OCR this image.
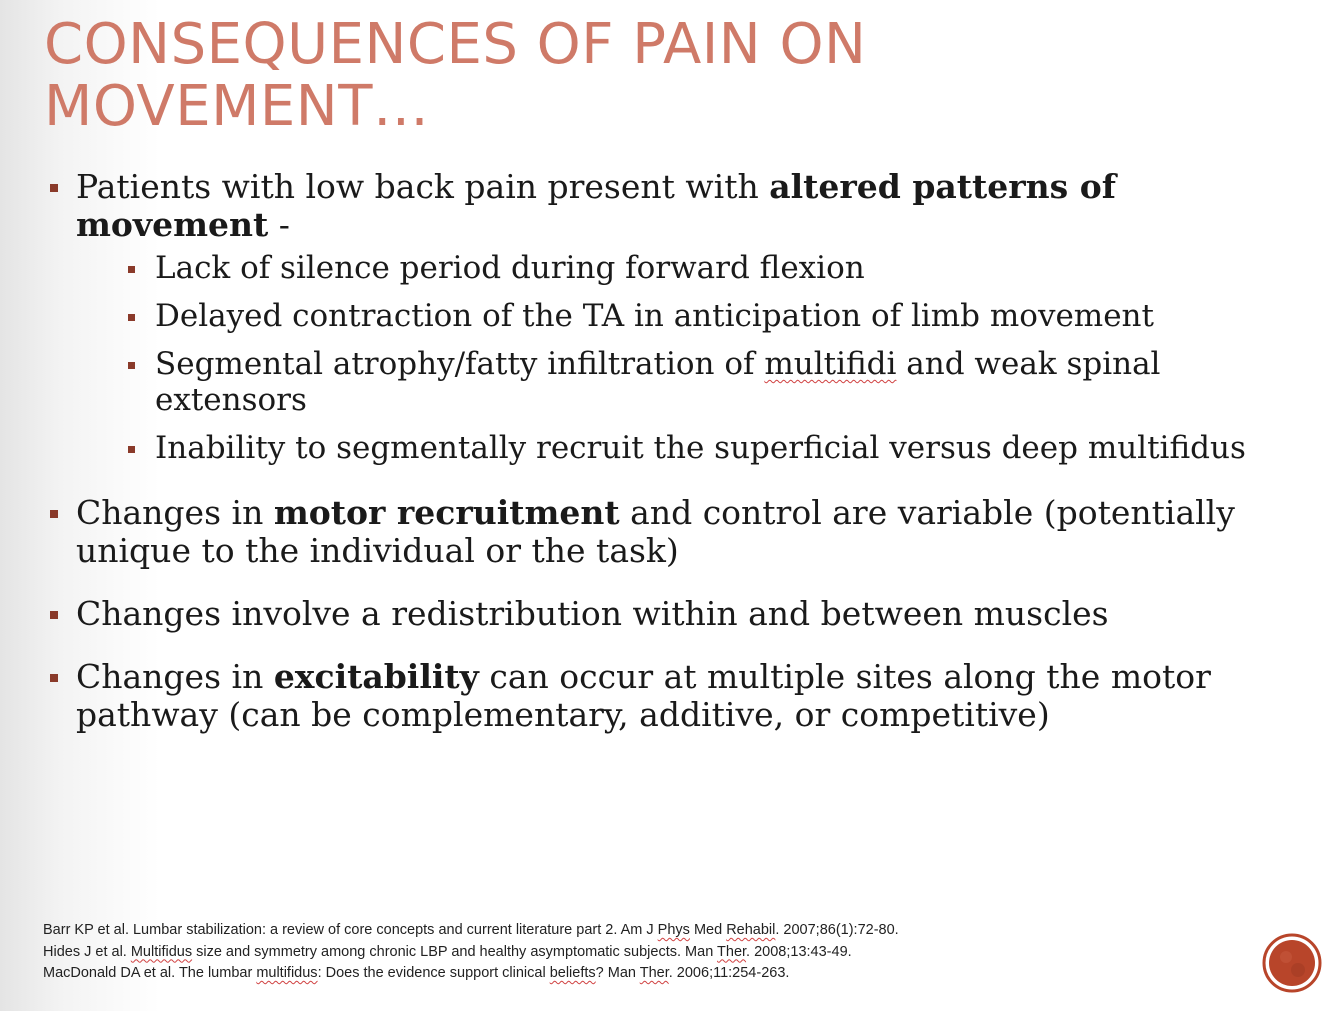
CONSEQUENCES OF PAIN ON MOVEMENT…
Patients with low back pain present with altered patterns of movement -
Lack of silence period during forward flexion
Delayed contraction of the TA in anticipation of limb movement
Segmental atrophy/fatty infiltration of multifidi and weak spinal extensors
Inability to segmentally recruit the superficial versus deep multifidus
Changes in motor recruitment and control are variable (potentially unique to the individual or the task)
Changes involve a redistribution within and between muscles
Changes in excitability can occur at multiple sites along the motor pathway (can be complementary, additive, or competitive)
Barr KP et al. Lumbar stabilization: a review of core concepts and current literature part 2. Am J Phys Med Rehabil. 2007;86(1):72-80.
Hides J et al. Multifidus size and symmetry among chronic LBP and healthy asymptomatic subjects. Man Ther. 2008;13:43-49.
MacDonald DA et al. The lumbar multifidus: Does the evidence support clinical beliefts? Man Ther. 2006;11:254-263.
